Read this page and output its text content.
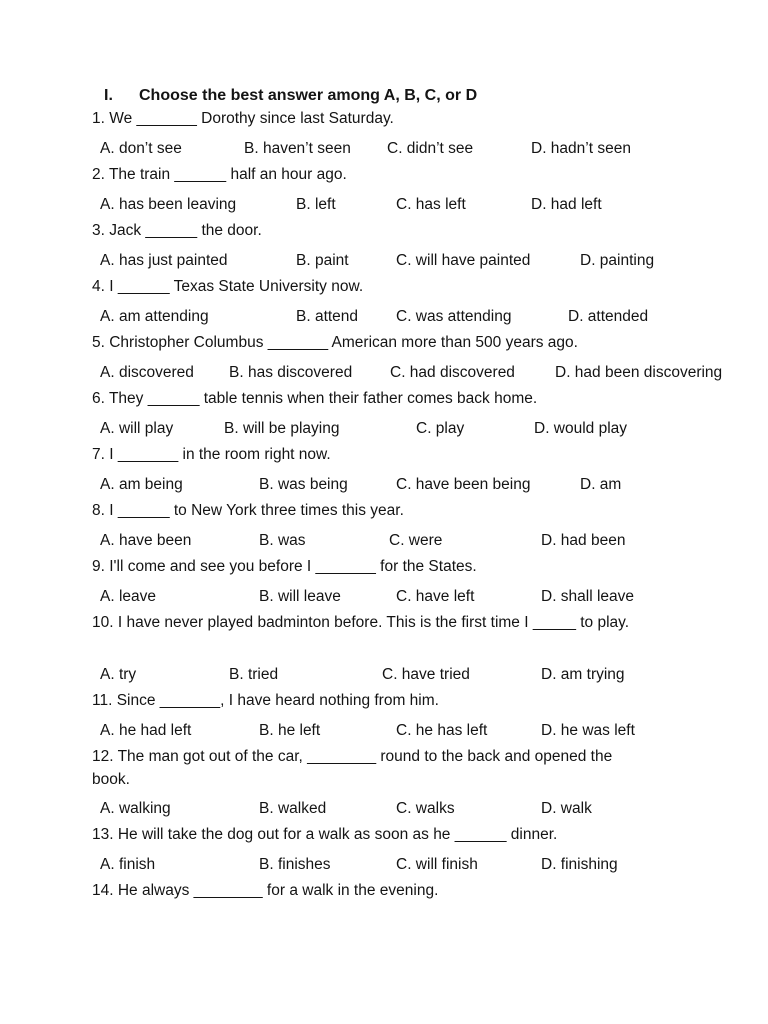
I. Choose the best answer among A, B, C, or D
1. We _______ Dorothy since last Saturday.
A. don’t see	B. haven’t seen C. didn’t see	D. hadn’t seen
2. The train ______ half an hour ago.
A. has been leaving	B. left	C. has left	D. had left
3. Jack ______ the door.
A. has just painted	B. paint	C. will have painted	D. painting
4. I ______ Texas State University now.
A. am attending	B. attend C. was attending	D. attended
5. Christopher Columbus _______ American more than 500 years ago.
A. discovered B. has discovered C. had discovered	D. had been discovering
6. They ______ table tennis when their father comes back home.
A. will play	B. will be playing	C. play	D. would play
7. I _______ in the room right now.
A. am being	B. was being	C. have been being	D. am
8. I ______ to New York three times this year.
A. have been	B. was	C. were	D. had been
9. I'll come and see you before I _______ for the States.
A. leave	B. will leave	C. have left	D. shall leave
10. I have never played badminton before. This is the first time I _____ to play.
A. try	B. tried	C. have tried	D. am trying
11. Since _______, I have heard nothing from him.
A. he had left	B. he left	C. he has left	D. he was left
12. The man got out of the car, ________ round to the back and opened the book.
A. walking	B. walked	C. walks	D. walk
13. He will take the dog out for a walk as soon as he ______ dinner.
A. finish	B. finishes	C. will finish	D. finishing
14. He always ________ for a walk in the evening.
